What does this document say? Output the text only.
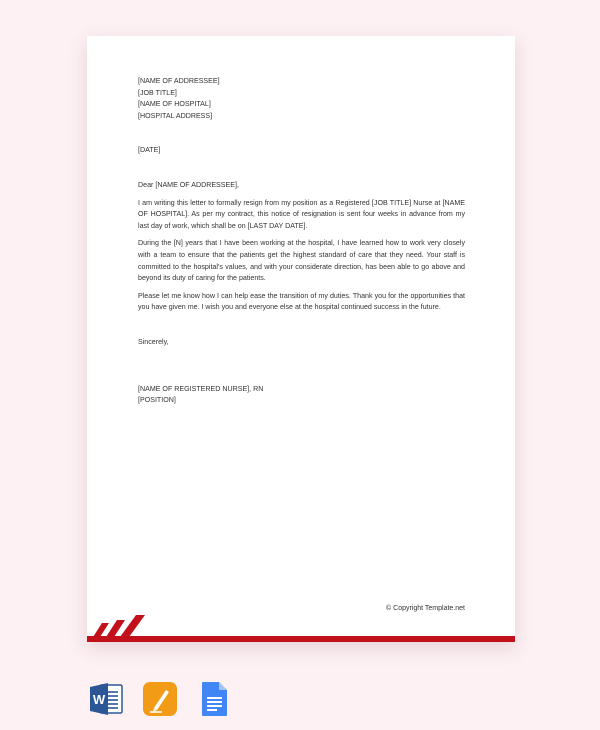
[NAME OF ADDRESSEE]
[JOB TITLE]
[NAME OF HOSPITAL]
[HOSPITAL ADDRESS]
[DATE]
Dear [NAME OF ADDRESSEE],
I am writing this letter to formally resign from my position as a Registered [JOB TITLE] Nurse at [NAME OF HOSPITAL]. As per my contract, this notice of resignation is sent four weeks in advance from my last day of work, which shall be on [LAST DAY DATE].
During the [N] years that I have been working at the hospital, I have learned how to work very closely with a team to ensure that the patients get the highest standard of care that they need. Your staff is committed to the hospital’s values, and with your considerate direction, has been able to go above and beyond its duty of caring for the patients.
Please let me know how I can help ease the transition of my duties. Thank you for the opportunities that you have given me. I wish you and everyone else at the hospital continued success in the future.
Sincerely,
[NAME OF REGISTERED NURSE], RN
[POSITION]
© Copyright Template.net
W
